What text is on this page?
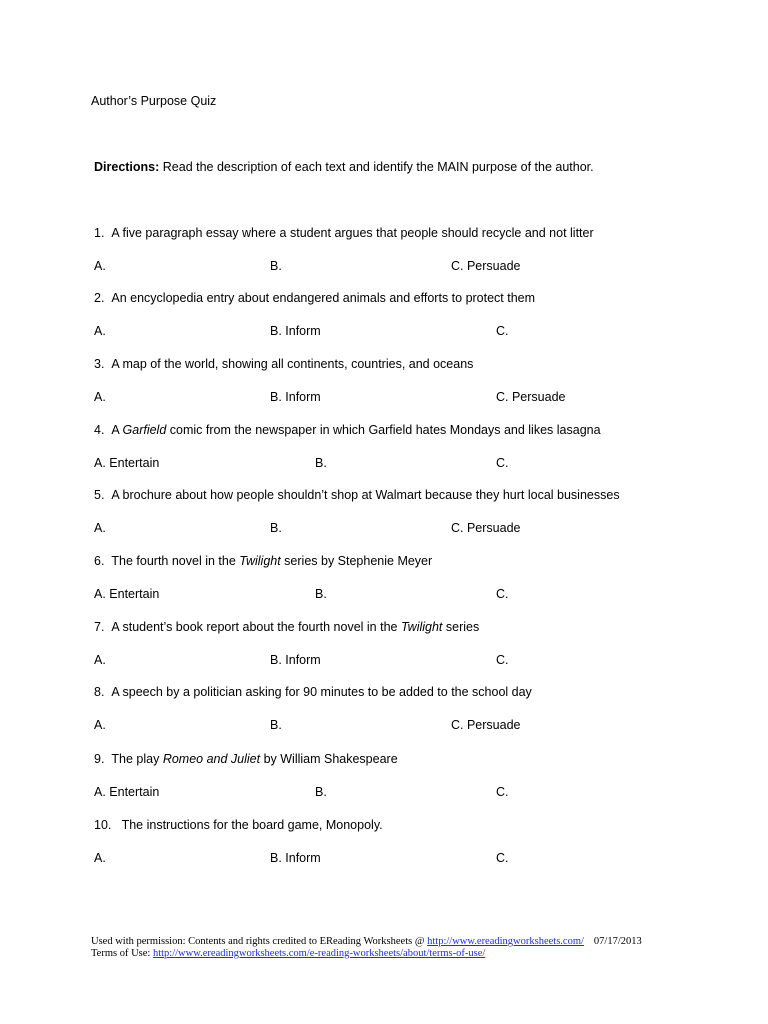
Author’s Purpose Quiz
Directions: Read the description of each text and identify the MAIN purpose of the author.
1. A five paragraph essay where a student argues that people should recycle and not litter
A.	B.	C. Persuade
2. An encyclopedia entry about endangered animals and efforts to protect them
A.	B. Inform	C.
3. A map of the world, showing all continents, countries, and oceans
A.	B. Inform	C. Persuade
4. A Garfield comic from the newspaper in which Garfield hates Mondays and likes lasagna
A. Entertain	B.	C.
5. A brochure about how people shouldn’t shop at Walmart because they hurt local businesses
A.	B.	C. Persuade
6. The fourth novel in the Twilight series by Stephenie Meyer
A. Entertain	B.	C.
7. A student’s book report about the fourth novel in the Twilight series
A.	B. Inform	C.
8. A speech by a politician asking for 90 minutes to be added to the school day
A.	B.	C. Persuade
9. The play Romeo and Juliet by William Shakespeare
A. Entertain	B.	C.
10.   The instructions for the board game, Monopoly.
A.	B. Inform	C.
Used with permission: Contents and rights credited to EReading Worksheets @ http://www.ereadingworksheets.com/ 07/17/2013
Terms of Use: http://www.ereadingworksheets.com/e-reading-worksheets/about/terms-of-use/
